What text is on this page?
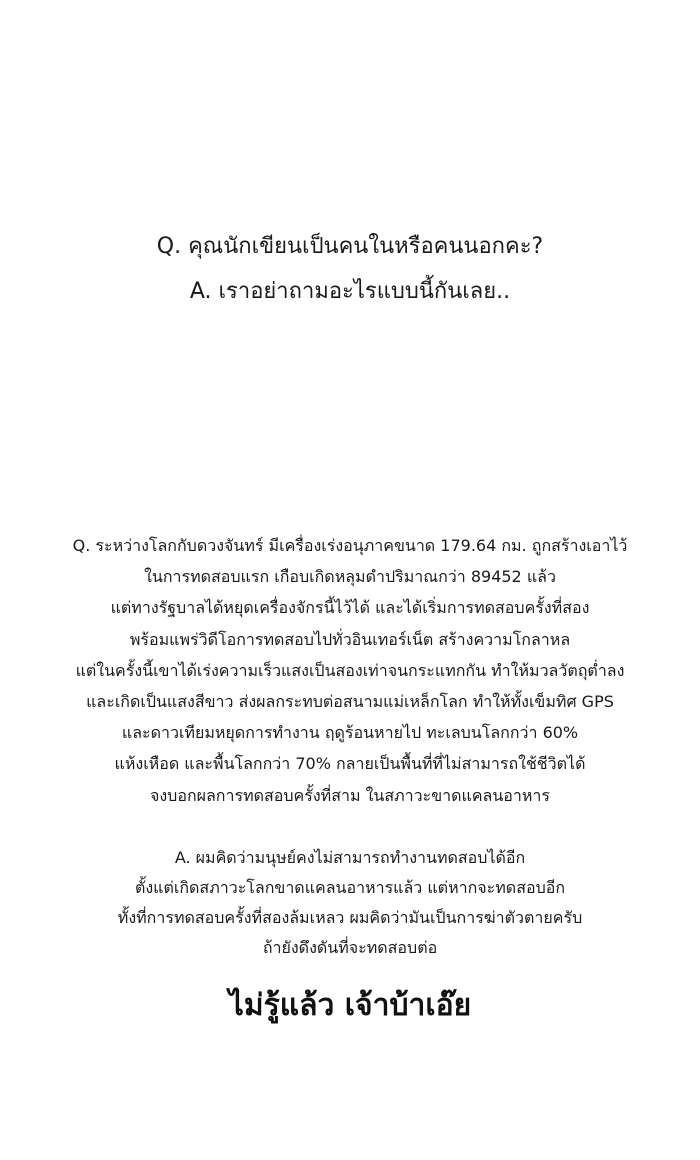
Q. คุณนักเขียนเป็นคนในหรือคนนอกคะ?
A. เราอย่าถามอะไรแบบนี้กันเลย..
Q. ระหว่างโลกกับดวงจันทร์ มีเครื่องเร่งอนุภาคขนาด 179.64 กม. ถูกสร้างเอาไว้
ในการทดสอบแรก เกือบเกิดหลุมดำปริมาณกว่า 89452 แล้ว
แต่ทางรัฐบาลได้หยุดเครื่องจักรนี้ไว้ได้ และได้เริ่มการทดสอบครั้งที่สอง
พร้อมแพร่วิดีโอการทดสอบไปทั่วอินเทอร์เน็ต สร้างความโกลาหล
แต่ในครั้งนี้เขาได้เร่งความเร็วแสงเป็นสองเท่าจนกระแทกกัน ทำให้มวลวัตถุต่ำลง
และเกิดเป็นแสงสีขาว ส่งผลกระทบต่อสนามแม่เหล็กโลก ทำให้ทั้งเข็มทิศ GPS
และดาวเทียมหยุดการทำงาน ฤดูร้อนหายไป ทะเลบนโลกกว่า 60%
แห้งเหือด และพื้นโลกกว่า 70% กลายเป็นพื้นที่ที่ไม่สามารถใช้ชีวิตได้
จงบอกผลการทดสอบครั้งที่สาม ในสภาวะขาดแคลนอาหาร
A. ผมคิดว่ามนุษย์คงไม่สามารถทำงานทดสอบได้อีก
ตั้งแต่เกิดสภาวะโลกขาดแคลนอาหารแล้ว แต่หากจะทดสอบอีก
ทั้งที่การทดสอบครั้งที่สองล้มเหลว ผมคิดว่ามันเป็นการฆ่าตัวตายครับ
ถ้ายังดึงดันที่จะทดสอบต่อ
ไม่รู้แล้ว เจ้าบ้าเอ๊ย
